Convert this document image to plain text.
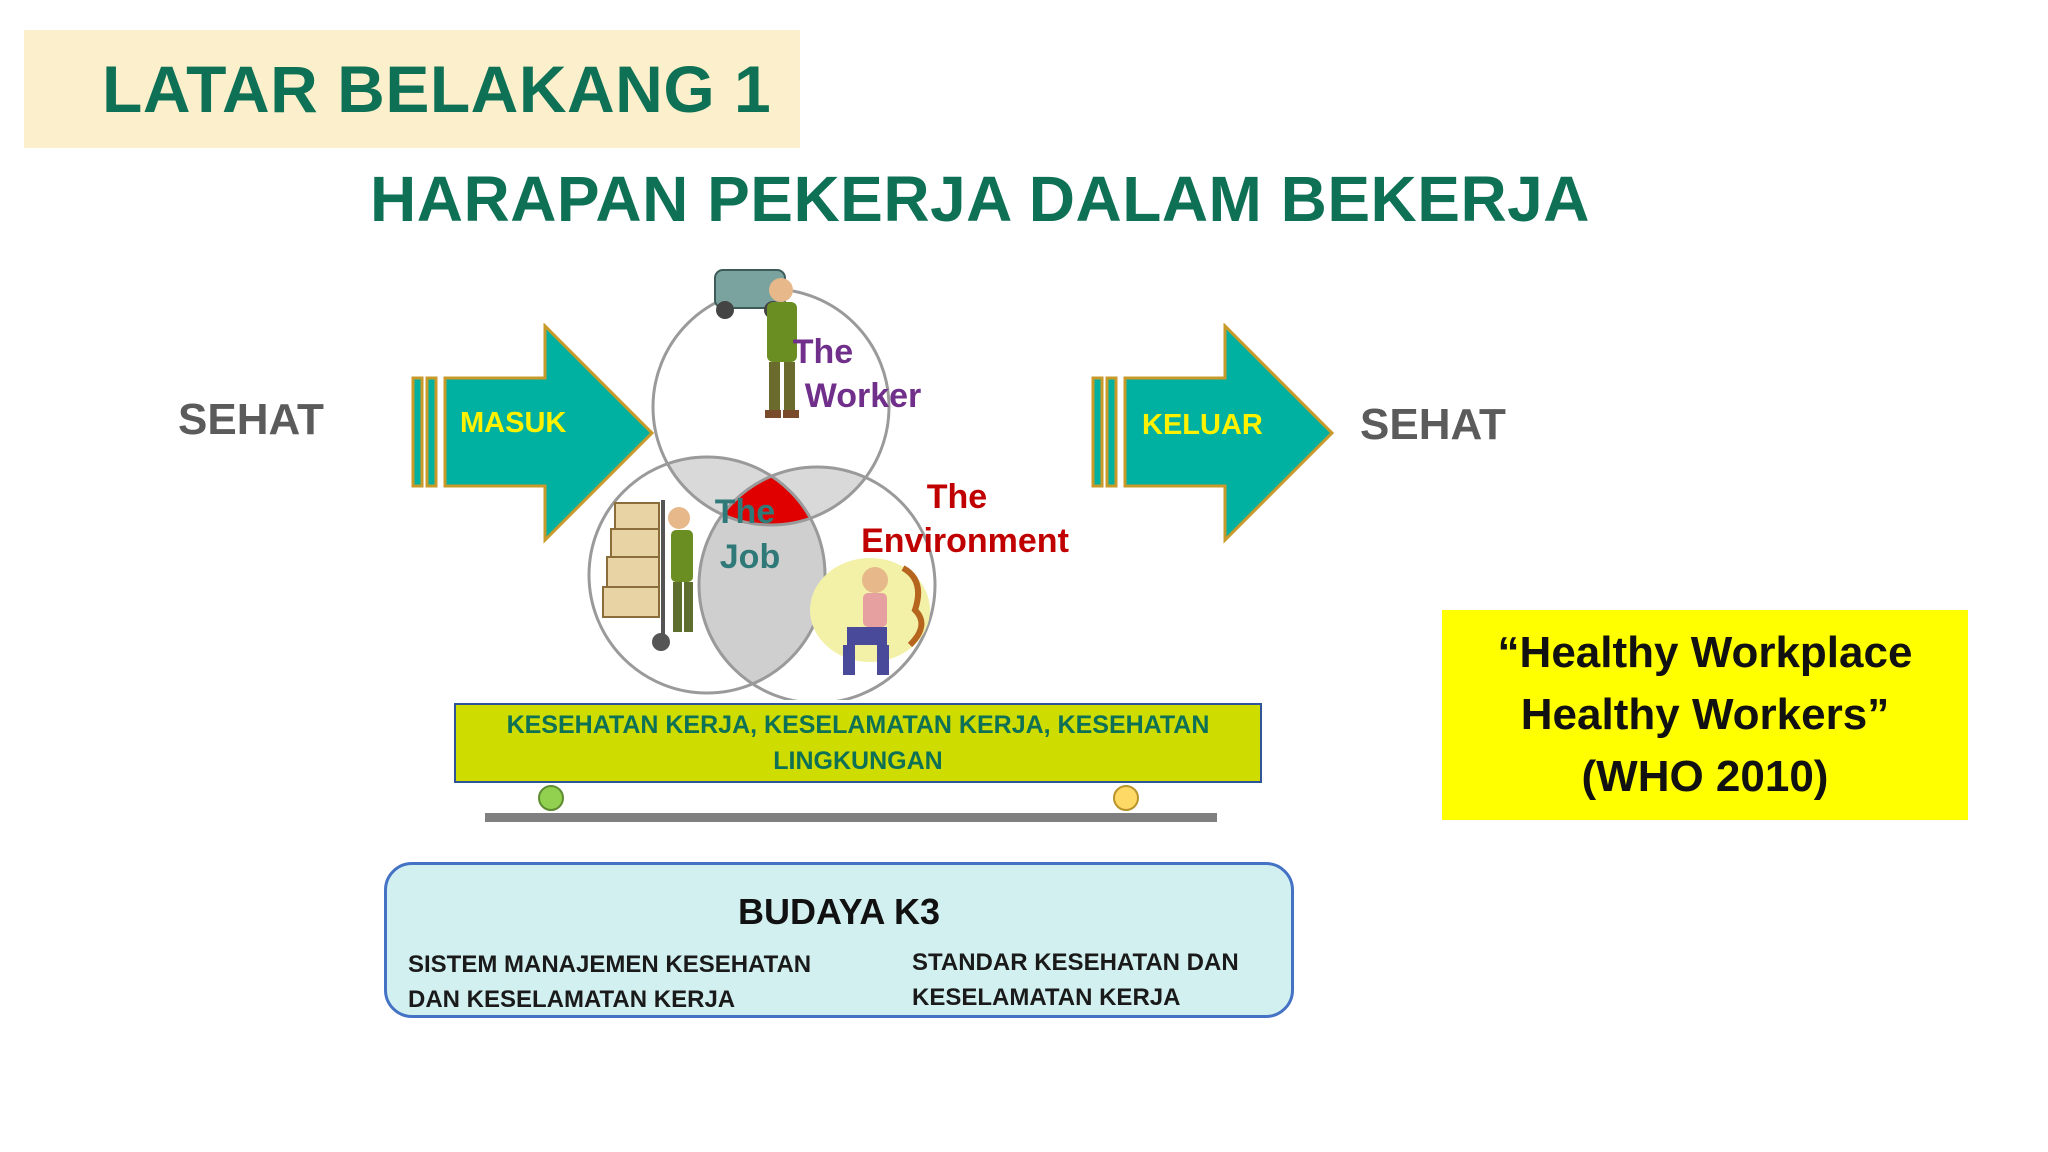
LATAR BELAKANG 1
HARAPAN PEKERJA DALAM BEKERJA
SEHAT	MASUK	KELUAR SEHAT
The
Worker
The
Job
The
Environment
KESEHATAN KERJA, KESELAMATAN KERJA, KESEHATAN LINGKUNGAN
BUDAYA K3
SISTEM MANAJEMEN KESEHATAN DAN KESELAMATAN KERJA
STANDAR KESEHATAN DAN KESELAMATAN KERJA
“Healthy Workplace
Healthy Workers”
(WHO 2010)
